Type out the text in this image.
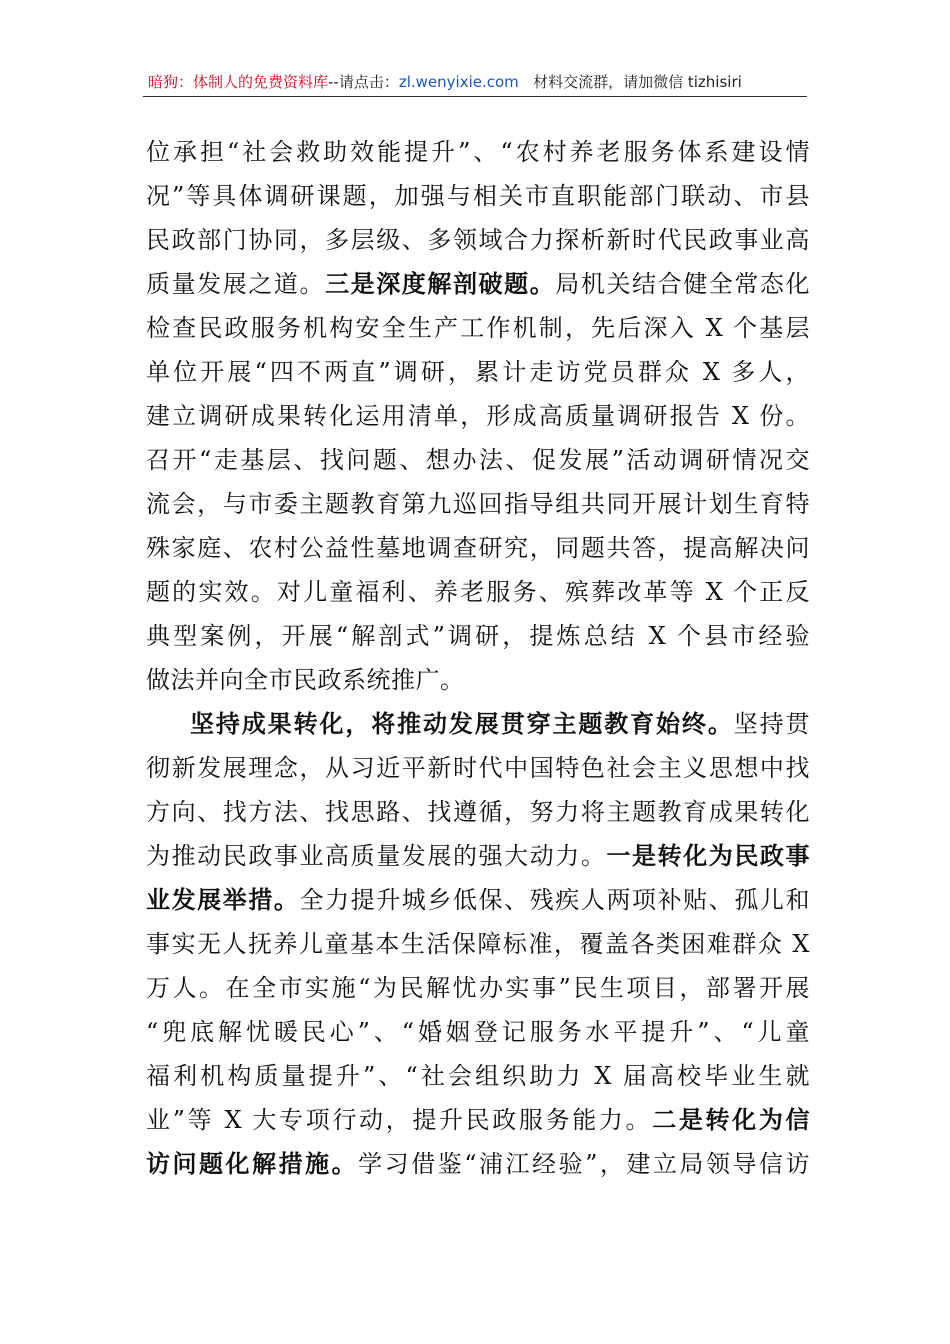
暗狗：体制人的免费资料库--请点击：zl.wenyixie.com 材料交流群，请加微信 tizhisiri
位承担“社会救助效能提升”、“农村养老服务体系建设情
况”等具体调研课题，加强与相关市直职能部门联动、市县
民政部门协同，多层级、多领域合力探析新时代民政事业高
质量发展之道。三是深度解剖破题。局机关结合健全常态化
检查民政服务机构安全生产工作机制，先后深入 X 个基层
单位开展“四不两直”调研，累计走访党员群众 X 多人，
建立调研成果转化运用清单，形成高质量调研报告 X 份。
召开“走基层、找问题、想办法、促发展”活动调研情况交
流会，与市委主题教育第九巡回指导组共同开展计划生育特
殊家庭、农村公益性墓地调查研究，同题共答，提高解决问
题的实效。对儿童福利、养老服务、殡葬改革等 X 个正反
典型案例，开展“解剖式”调研，提炼总结 X 个县市经验
做法并向全市民政系统推广。
坚持成果转化，将推动发展贯穿主题教育始终。坚持贯
彻新发展理念，从习近平新时代中国特色社会主义思想中找
方向、找方法、找思路、找遵循，努力将主题教育成果转化
为推动民政事业高质量发展的强大动力。一是转化为民政事
业发展举措。全力提升城乡低保、残疾人两项补贴、孤儿和
事实无人抚养儿童基本生活保障标准，覆盖各类困难群众 X
万人。在全市实施“为民解忧办实事”民生项目，部署开展
“兜底解忧暖民心”、“婚姻登记服务水平提升”、“儿童
福利机构质量提升”、“社会组织助力 X 届高校毕业生就
业”等 X 大专项行动，提升民政服务能力。二是转化为信
访问题化解措施。学习借鉴“浦江经验”，建立局领导信访
